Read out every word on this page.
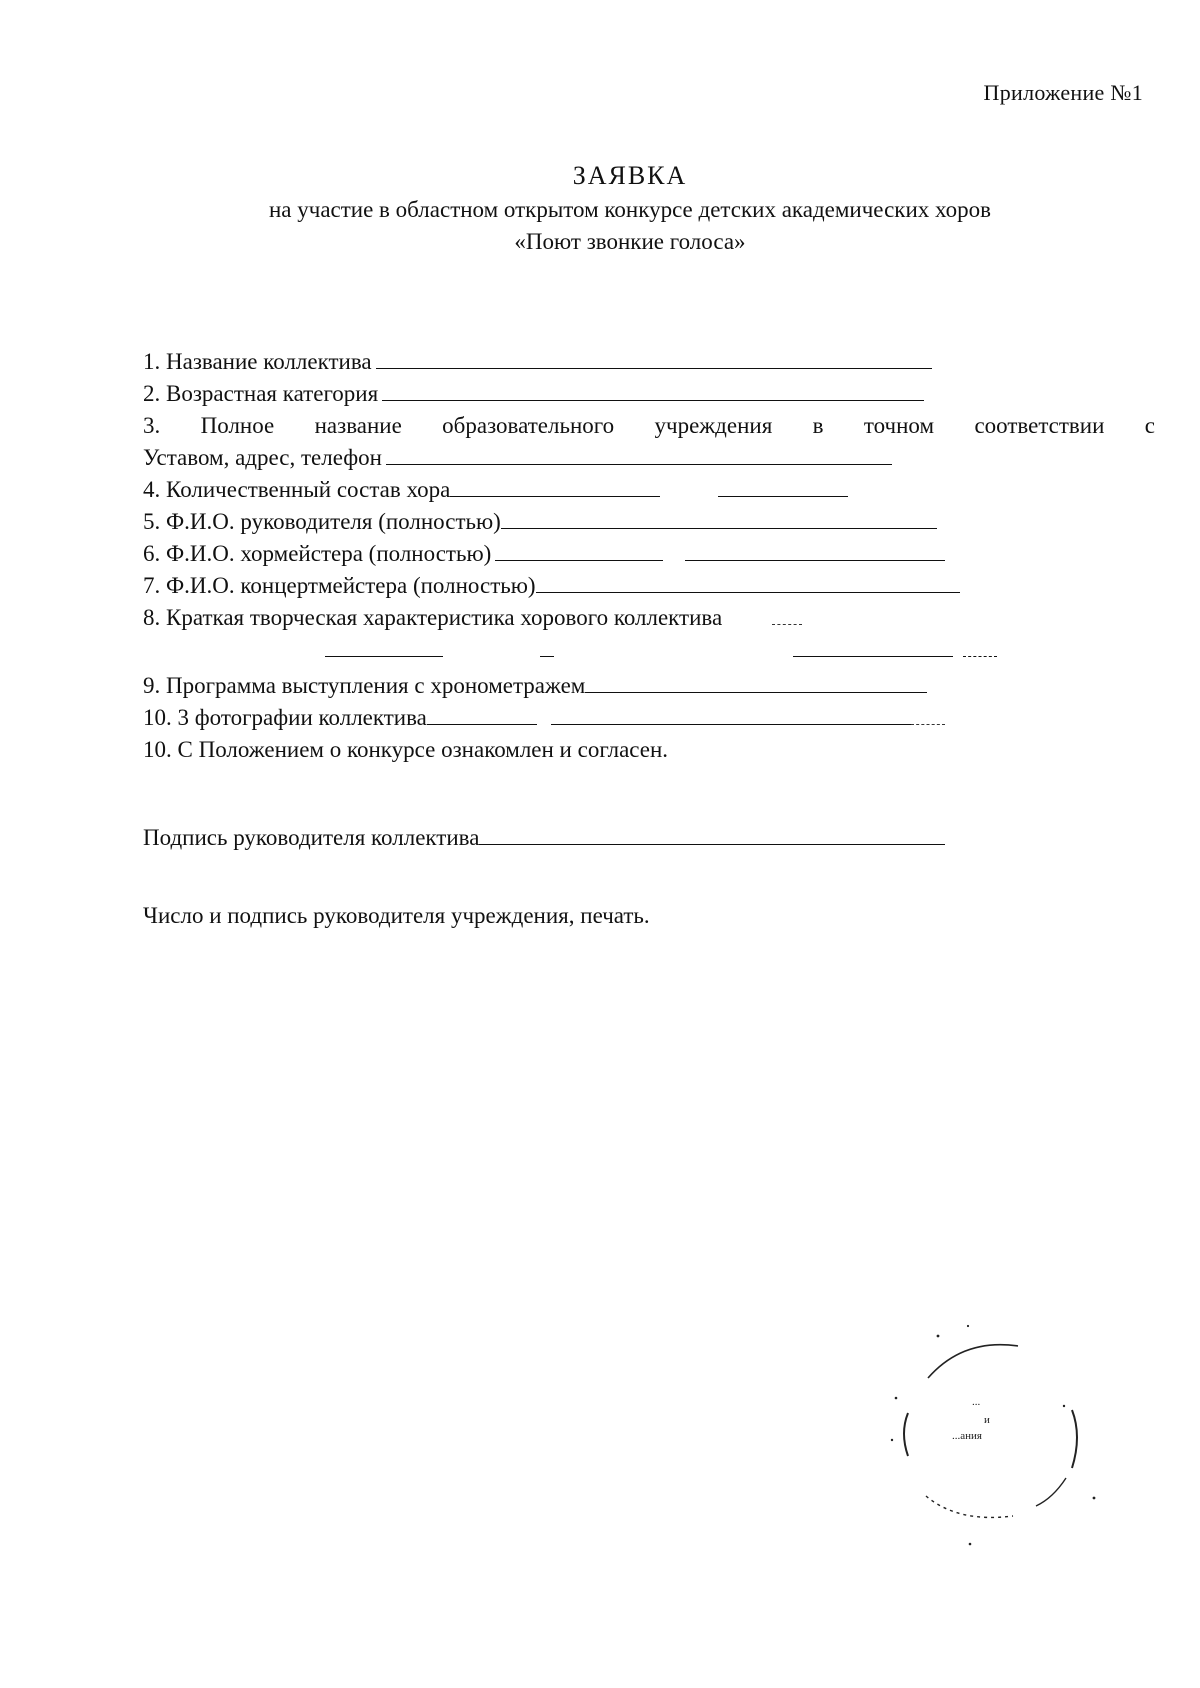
Приложение №1
ЗАЯВКА
на участие в областном открытом конкурсе детских академических хоров
«Поют звонкие голоса»
1. Название коллектива
2. Возрастная категория
3. Полное название образовательного учреждения в точном соответствии с
Уставом, адрес, телефон
4. Количественный состав хора
5. Ф.И.О. руководителя (полностью)
6. Ф.И.О. хормейстера (полностью)
7. Ф.И.О. концертмейстера (полностью)
8. Краткая творческая характеристика хорового коллектива
9. Программа выступления с хронометражем
10. 3 фотографии коллектива
10. С Положением о конкурсе ознакомлен и согласен.
Подпись руководителя коллектива
Число и подпись руководителя учреждения, печать.
...
и
...ания
